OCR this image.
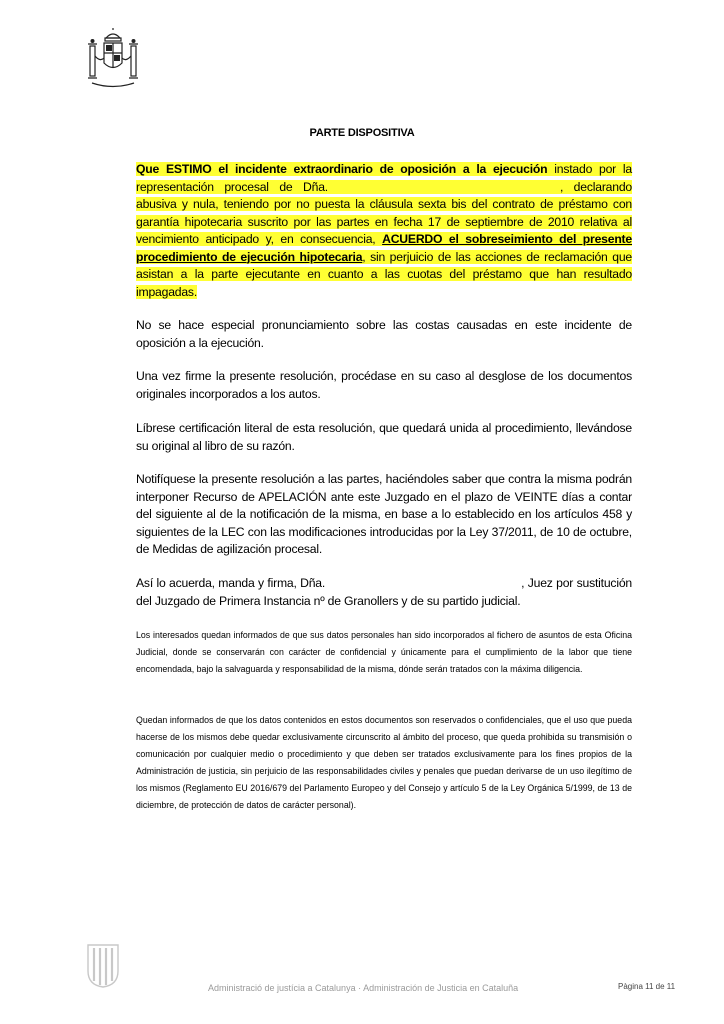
PARTE DISPOSITIVA

Que ESTIMO el incidente extraordinario de oposición a la ejecución instado por la representación procesal de Dña.	, declarando abusiva y nula, teniendo por no puesta la cláusula sexta bis del contrato de préstamo con garantía hipotecaria suscrito por las partes en fecha 17 de septiembre de 2010 relativa al vencimiento anticipado y, en consecuencia, ACUERDO el sobreseimiento del presente procedimiento de ejecución hipotecaria, sin perjuicio de las acciones de reclamación que asistan a la parte ejecutante en cuanto a las cuotas del préstamo que han resultado impagadas.

No se hace especial pronunciamiento sobre las costas causadas en este incidente de oposición a la ejecución.

Una vez firme la presente resolución, procédase en su caso al desglose de los documentos originales incorporados a los autos.

Líbrese certificación literal de esta resolución, que quedará unida al procedimiento, llevándose su original al libro de su razón.

Notifíquese la presente resolución a las partes, haciéndoles saber que contra la misma podrán interponer Recurso de APELACIÓN ante este Juzgado en el plazo de VEINTE días a contar del siguiente al de la notificación de la misma, en base a lo establecido en los artículos 458 y siguientes de la LEC con las modificaciones introducidas por la Ley 37/2011, de 10 de octubre, de Medidas de agilización procesal.

Así lo acuerda, manda y firma, Dña.	, Juez por sustitución del Juzgado de Primera Instancia nº de Granollers y de su partido judicial.

Los interesados quedan informados de que sus datos personales han sido incorporados al fichero de asuntos de esta Oficina Judicial, donde se conservarán con carácter de confidencial y únicamente para el cumplimiento de la labor que tiene encomendada, bajo la salvaguarda y responsabilidad de la misma, dónde serán tratados con la máxima diligencia.

Quedan informados de que los datos contenidos en estos documentos son reservados o confidenciales, que el uso que pueda hacerse de los mismos debe quedar exclusivamente circunscrito al ámbito del proceso, que queda prohibida su transmisión o comunicación por cualquier medio o procedimiento y que deben ser tratados exclusivamente para los fines propios de la Administración de justicia, sin perjuicio de las responsabilidades civiles y penales que puedan derivarse de un uso ilegítimo de los mismos (Reglamento EU 2016/679 del Parlamento Europeo y del Consejo y artículo 5 de la Ley Orgánica 5/1999, de 13 de diciembre, de protección de datos de carácter personal).

Administració de justícia a Catalunya · Administración de Justicia en Cataluña	Pàgina 11 de 11
